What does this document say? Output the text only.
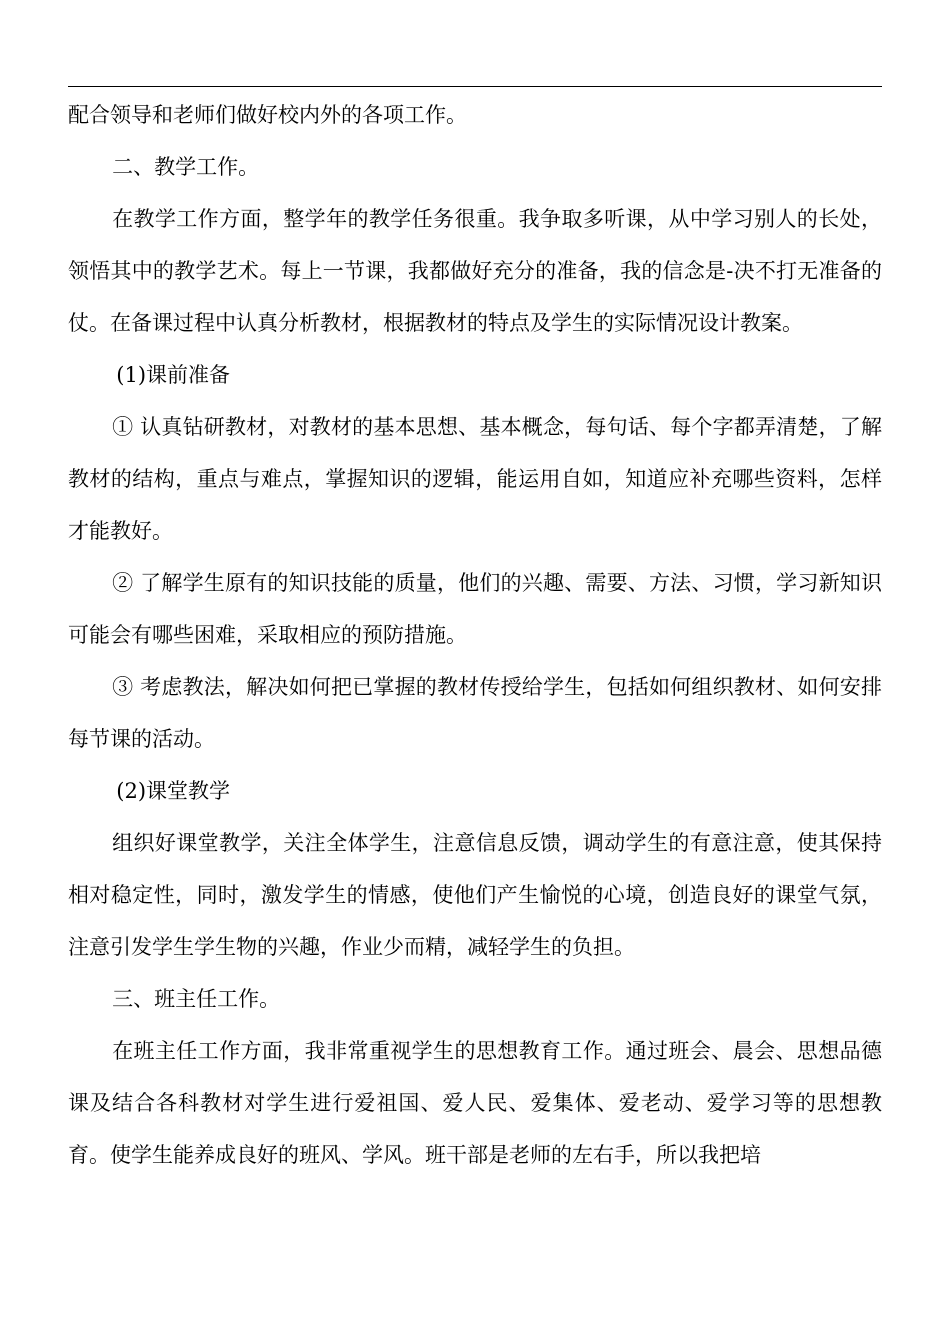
配合领导和老师们做好校内外的各项工作。

二、教学工作。

在教学工作方面，整学年的教学任务很重。我争取多听课，从中学习别人的长处，领悟其中的教学艺术。每上一节课，我都做好充分的准备，我的信念是-决不打无准备的仗。在备课过程中认真分析教材，根据教材的特点及学生的实际情况设计教案。

(1)课前准备

① 认真钻研教材，对教材的基本思想、基本概念，每句话、每个字都弄清楚，了解教材的结构，重点与难点，掌握知识的逻辑，能运用自如，知道应补充哪些资料，怎样才能教好。

② 了解学生原有的知识技能的质量，他们的兴趣、需要、方法、习惯，学习新知识可能会有哪些困难，采取相应的预防措施。

③ 考虑教法，解决如何把已掌握的教材传授给学生，包括如何组织教材、如何安排每节课的活动。

(2)课堂教学

组织好课堂教学，关注全体学生，注意信息反馈，调动学生的有意注意，使其保持相对稳定性，同时，激发学生的情感，使他们产生愉悦的心境，创造良好的课堂气氛，注意引发学生学生物的兴趣，作业少而精，减轻学生的负担。

三、班主任工作。

在班主任工作方面，我非常重视学生的思想教育工作。通过班会、晨会、思想品德课及结合各科教材对学生进行爱祖国、爱人民、爱集体、爱老动、爱学习等的思想教育。使学生能养成良好的班风、学风。班干部是老师的左右手，所以我把培
